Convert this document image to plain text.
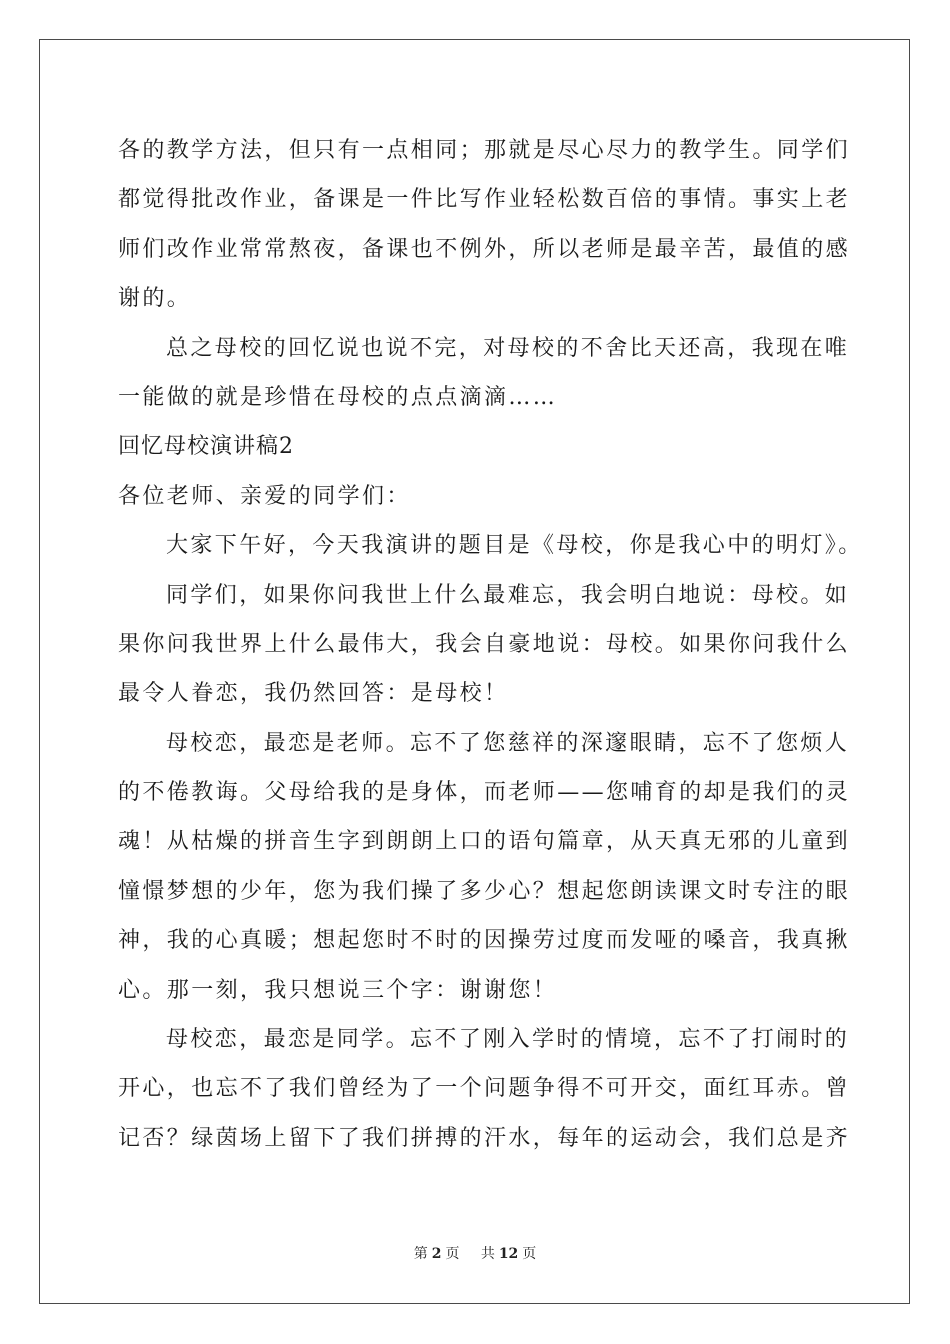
各的教学方法，但只有一点相同；那就是尽心尽力的教学生。同学们
都觉得批改作业，备课是一件比写作业轻松数百倍的事情。事实上老
师们改作业常常熬夜，备课也不例外，所以老师是最辛苦，最值的感
谢的。
总之母校的回忆说也说不完，对母校的不舍比天还高，我现在唯
一能做的就是珍惜在母校的点点滴滴……
回忆母校演讲稿2
各位老师、亲爱的同学们：
大家下午好，今天我演讲的题目是《母校，你是我心中的明灯》。
同学们，如果你问我世上什么最难忘，我会明白地说：母校。如
果你问我世界上什么最伟大，我会自豪地说：母校。如果你问我什么
最令人眷恋，我仍然回答：是母校！
母校恋，最恋是老师。忘不了您慈祥的深邃眼睛，忘不了您烦人
的不倦教诲。父母给我的是身体，而老师——您哺育的却是我们的灵
魂！从枯燥的拼音生字到朗朗上口的语句篇章，从天真无邪的儿童到
憧憬梦想的少年，您为我们操了多少心？想起您朗读课文时专注的眼
神，我的心真暖；想起您时不时的因操劳过度而发哑的嗓音，我真揪
心。那一刻，我只想说三个字：谢谢您！
母校恋，最恋是同学。忘不了刚入学时的情境，忘不了打闹时的
开心，也忘不了我们曾经为了一个问题争得不可开交，面红耳赤。曾
记否？绿茵场上留下了我们拼搏的汗水，每年的运动会，我们总是齐
第 2 页 共 12 页
